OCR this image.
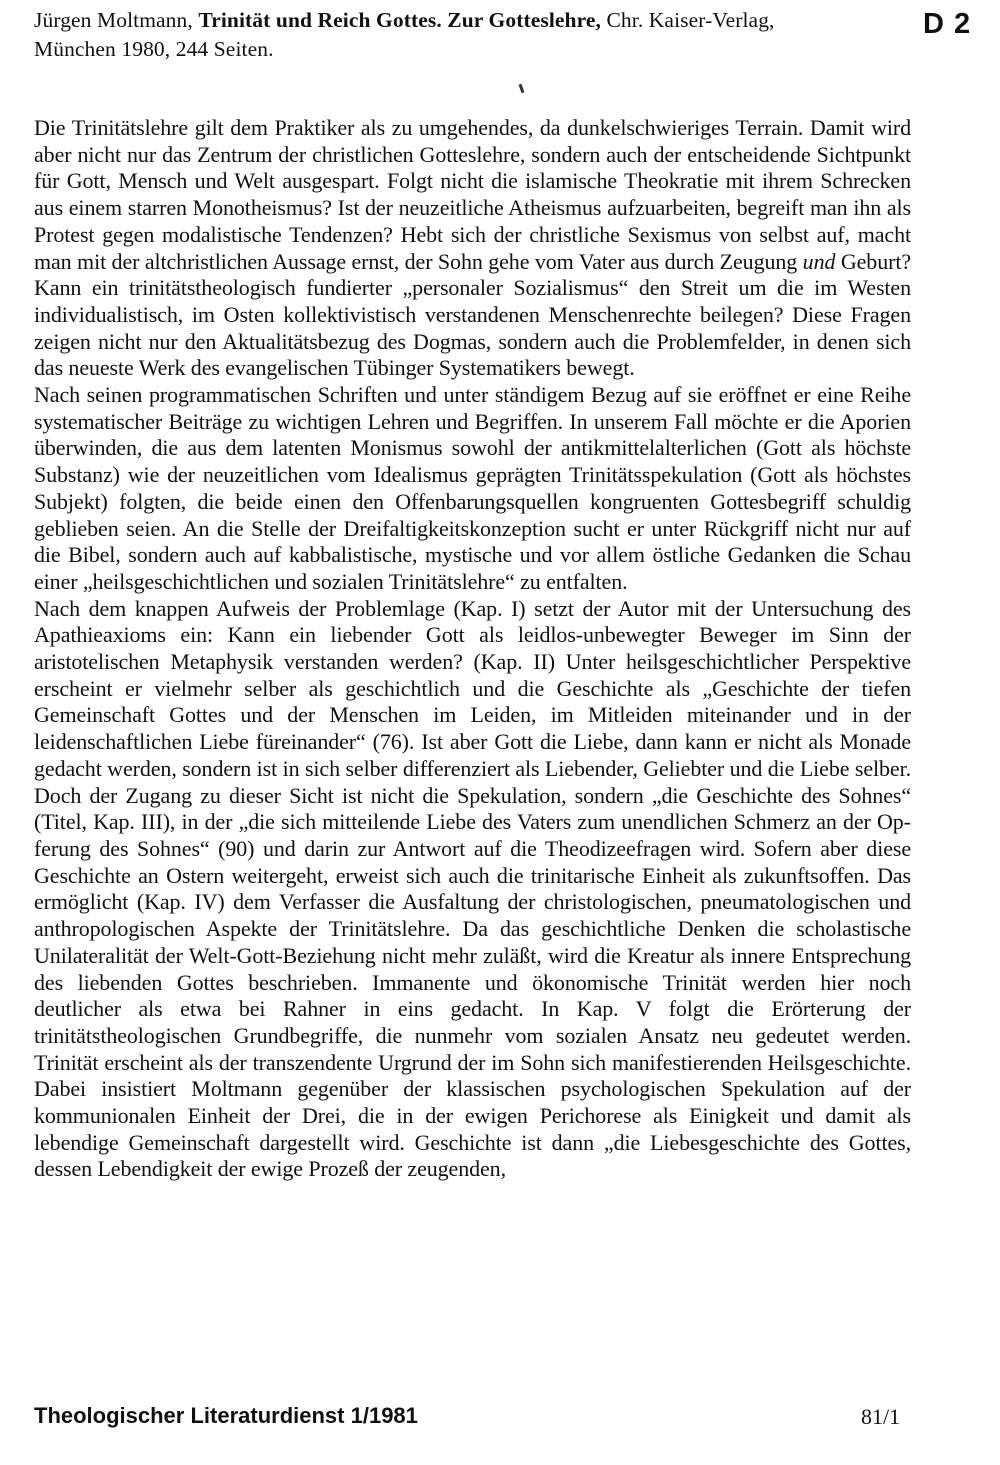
Jürgen Moltmann, Trinität und Reich Gottes. Zur Gotteslehre, Chr. Kaiser-Verlag,
München 1980, 244 Seiten.
D 2

Die Trinitätslehre gilt dem Praktiker als zu umgehendes, da dunkelschwieriges Terrain. Damit wird aber nicht nur das Zentrum der christlichen Gotteslehre, sondern auch der entscheidende Sichtpunkt für Gott, Mensch und Welt ausgespart. Folgt nicht die islamische Theokratie mit ihrem Schrecken aus einem starren Monotheismus? Ist der neuzeitliche Atheismus aufzuarbeiten, begreift man ihn als Protest gegen modalistische Tendenzen? Hebt sich der christliche Sexismus von selbst auf, macht man mit der altchristlichen Aussage ernst, der Sohn gehe vom Vater aus durch Zeugung und Geburt? Kann ein trinitätstheologisch fundierter „personaler Sozialismus“ den Streit um die im Westen individualistisch, im Osten kollektivistisch verstandenen Menschenrechte beilegen? Diese Fragen zeigen nicht nur den Aktualitätsbezug des Dogmas, sondern auch die Problemfelder, in denen sich das neueste Werk des evangelischen Tübinger Systematikers bewegt.

Nach seinen programmatischen Schriften und unter ständigem Bezug auf sie eröffnet er eine Reihe systematischer Beiträge zu wichtigen Lehren und Begriffen. In unserem Fall möchte er die Aporien überwinden, die aus dem latenten Monismus sowohl der antikmittelalterlichen (Gott als höchste Substanz) wie der neuzeitlichen vom Idealismus geprägten Trinitätsspekulation (Gott als höchstes Subjekt) folgten, die beide einen den Offenbarungsquellen kongruenten Gottesbegriff schuldig geblieben seien. An die Stelle der Dreifaltigkeitskonzeption sucht er unter Rückgriff nicht nur auf die Bibel, sondern auch auf kabbalistische, mystische und vor allem östliche Gedanken die Schau einer „heilsgeschichtlichen und sozialen Trinitätslehre“ zu entfalten.

Nach dem knappen Aufweis der Problemlage (Kap. I) setzt der Autor mit der Untersuchung des Apathieaxioms ein: Kann ein liebender Gott als leidlos-unbewegter Beweger im Sinn der aristotelischen Metaphysik verstanden werden? (Kap. II) Unter heilsgeschichtlicher Perspektive erscheint er vielmehr selber als geschichtlich und die Geschichte als „Geschichte der tiefen Gemeinschaft Gottes und der Menschen im Leiden, im Mitleiden miteinander und in der leidenschaftlichen Liebe füreinander“ (76). Ist aber Gott die Liebe, dann kann er nicht als Monade gedacht werden, sondern ist in sich selber differenziert als Liebender, Geliebter und die Liebe selber. Doch der Zugang zu dieser Sicht ist nicht die Spekulation, sondern „die Geschichte des Sohnes“ (Titel, Kap. III), in der „die sich mitteilende Liebe des Vaters zum unendlichen Schmerz an der Opferung des Sohnes“ (90) und darin zur Antwort auf die Theodizeefragen wird. Sofern aber diese Geschichte an Ostern weitergeht, erweist sich auch die trinitarische Einheit als zukunftsoffen. Das ermöglicht (Kap. IV) dem Verfasser die Ausfaltung der christologischen, pneumatologischen und anthropologischen Aspekte der Trinitätslehre. Da das geschichtliche Denken die scholastische Unilateralität der Welt-Gott-Beziehung nicht mehr zuläßt, wird die Kreatur als innere Entsprechung des liebenden Gottes beschrieben. Immanente und ökonomische Trinität werden hier noch deutlicher als etwa bei Rahner in eins gedacht. In Kap. V folgt die Erörterung der trinitätstheologischen Grundbegriffe, die nunmehr vom sozialen Ansatz neu gedeutet werden. Trinität erscheint als der transzendente Urgrund der im Sohn sich manifestierenden Heilsgeschichte. Dabei insistiert Moltmann gegenüber der klassischen psychologischen Spekulation auf der kommunionalen Einheit der Drei, die in der ewigen Perichorese als Einigkeit und damit als lebendige Gemeinschaft dargestellt wird. Geschichte ist dann „die Liebesgeschichte des Gottes, dessen Lebendigkeit der ewige Prozeß der zeugenden,

Theologischer Literaturdienst 1/1981	81/1
